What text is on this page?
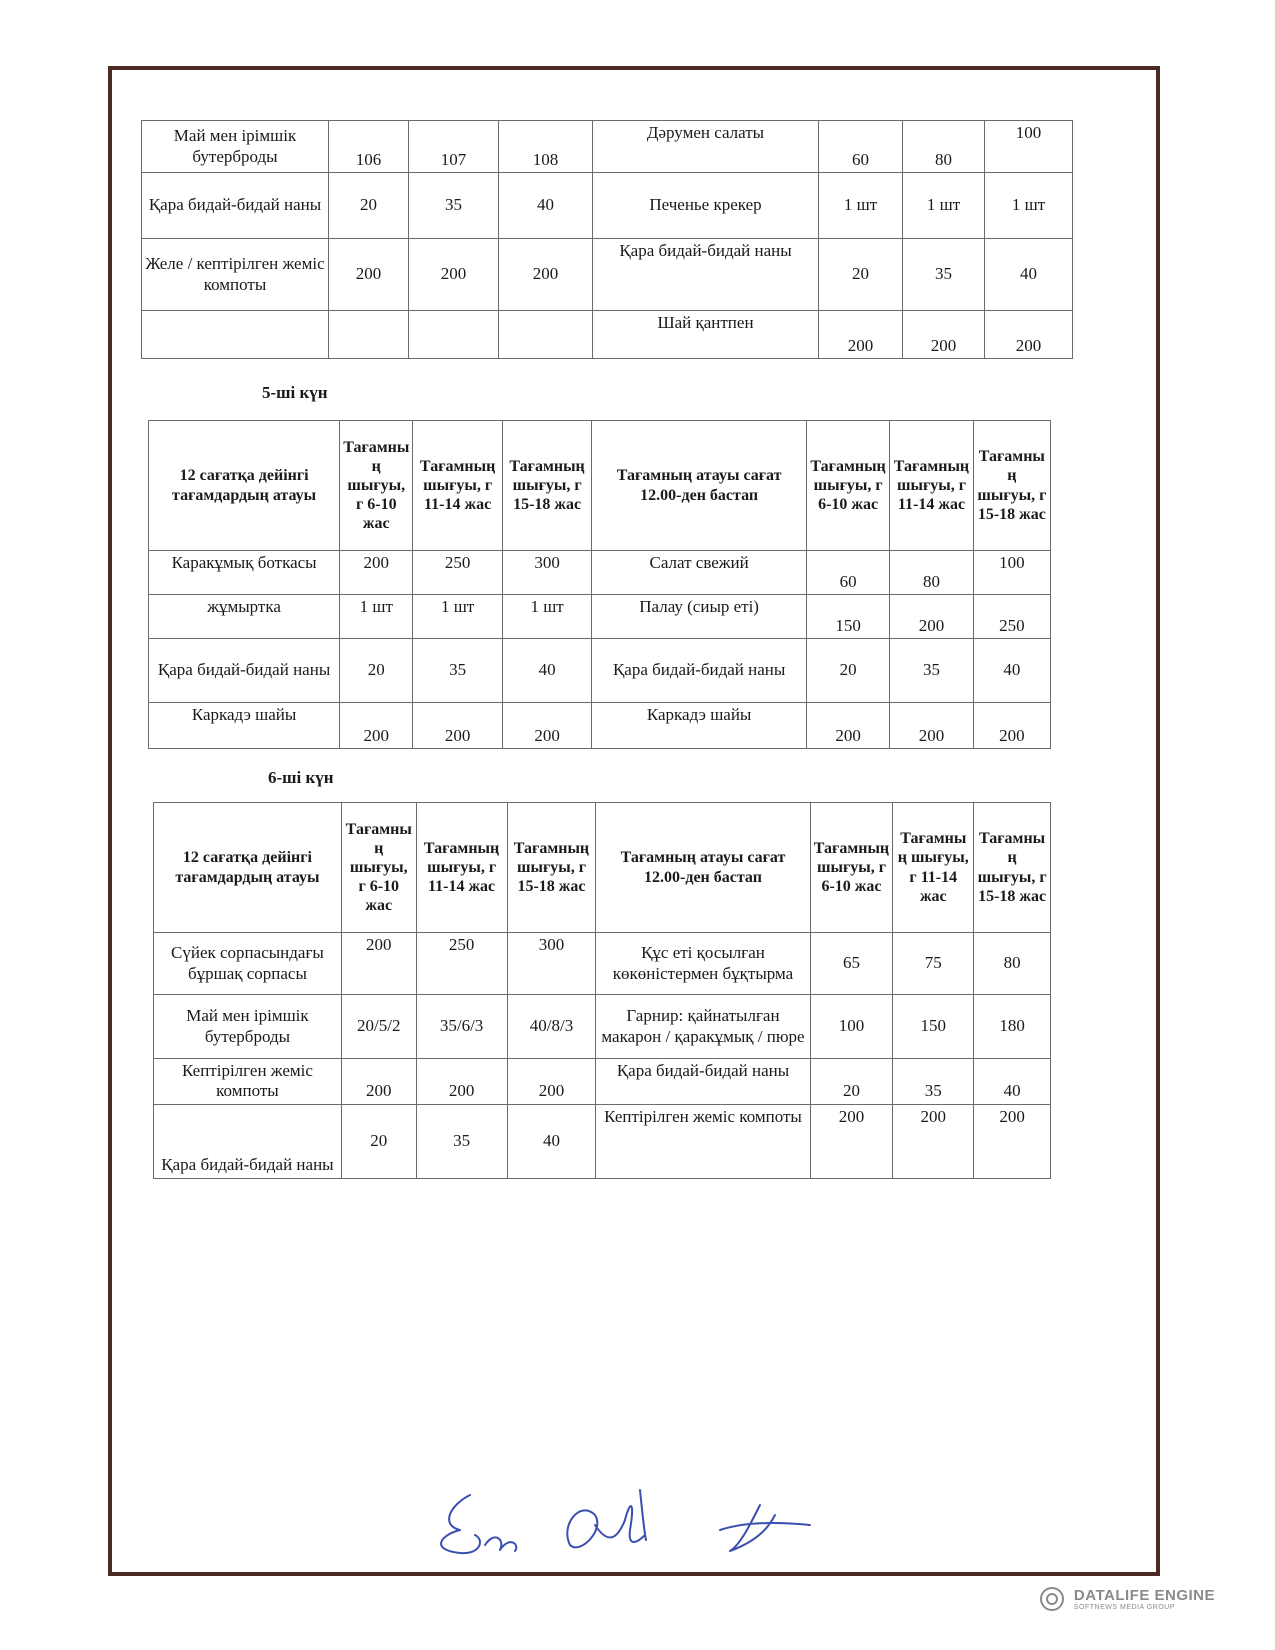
Май мен ірімшік бутерброды	106	107	108	Дәрумен салаты	60	80	100
Қара бидай-бидай наны	20	35	40	Печенье крекер	1 шт	1 шт	1 шт
Желе / кептірілген жеміс компоты	200	200	200	Қара бидай-бидай наны	20	35	40
				Шай қантпен	200	200	200
5-ші күн
12 сағатқа дейінгі тағамдардың атауы	Тағамның шығуы, г 6-10 жас	Тағамның шығуы, г 11-14 жас	Тағамның шығуы, г 15-18 жас	Тағамның атауы сағат 12.00-ден бастап	Тағамның шығуы, г 6-10 жас	Тағамның шығуы, г 11-14 жас	Тағамның шығуы, г 15-18 жас
Каракұмық боткасы	200	250	300	Салат свежий	60	80	100
жұмыртка	1 шт	1 шт	1 шт	Палау (сиыр еті)	150	200	250
Қара бидай-бидай наны	20	35	40	Қара бидай-бидай наны	20	35	40
Каркадэ шайы	200	200	200	Каркадэ шайы	200	200	200
6-ші күн
12 сағатқа дейінгі тағамдардың атауы	Тағамның шығуы, г 6-10 жас	Тағамның шығуы, г 11-14 жас	Тағамның шығуы, г 15-18 жас	Тағамның атауы сағат 12.00-ден бастап	Тағамның шығуы, г 6-10 жас	Тағамның шығуы, г 11-14 жас	Тағамның шығуы, г 15-18 жас
Сүйек сорпасындағы бұршақ сорпасы	200	250	300	Құс еті қосылған көкөністермен бұқтырма	65	75	80
Май мен ірімшік бутерброды	20/5/2	35/6/3	40/8/3	Гарнир: қайнатылған макарон / қаракұмық / пюре	100	150	180
Кептірілген жеміс компоты	200	200	200	Қара бидай-бидай наны	20	35	40
Қара бидай-бидай наны	20	35	40	Кептірілген жеміс компоты	200	200	200

DATALIFE ENGINE
SOFTNEWS MEDIA GROUP
